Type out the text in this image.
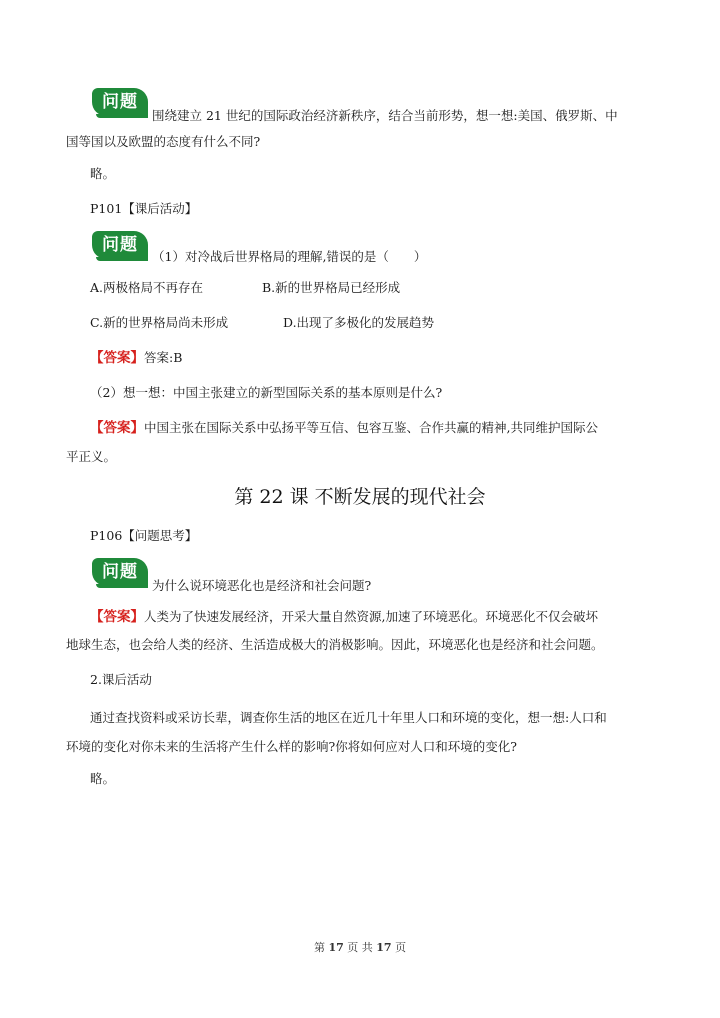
问题

围绕建立 21 世纪的国际政治经济新秩序，结合当前形势，想一想:美国、俄罗斯、中

国等国以及欧盟的态度有什么不同?

略。

P101【课后活动】

问题

（1）对冷战后世界格局的理解,错误的是（　　）

A.两极格局不再存在	B.新的世界格局已经形成

C.新的世界格局尚未形成	D.出现了多极化的发展趋势

【答案】答案:B

（2）想一想：中国主张建立的新型国际关系的基本原则是什么?

【答案】中国主张在国际关系中弘扬平等互信、包容互鉴、合作共赢的精神,共同维护国际公

平正义。

第 22 课 不断发展的现代社会

P106【问题思考】

问题

为什么说环境恶化也是经济和社会问题?

【答案】人类为了快速发展经济，开采大量自然资源,加速了环境恶化。环境恶化不仅会破坏

地球生态，也会给人类的经济、生活造成极大的消极影响。因此，环境恶化也是经济和社会问题。

2.课后活动

通过查找资料或采访长辈，调查你生活的地区在近几十年里人口和环境的变化，想一想:人口和

环境的变化对你未来的生活将产生什么样的影响?你将如何应对人口和环境的变化?

略。

第 17 页 共 17 页
